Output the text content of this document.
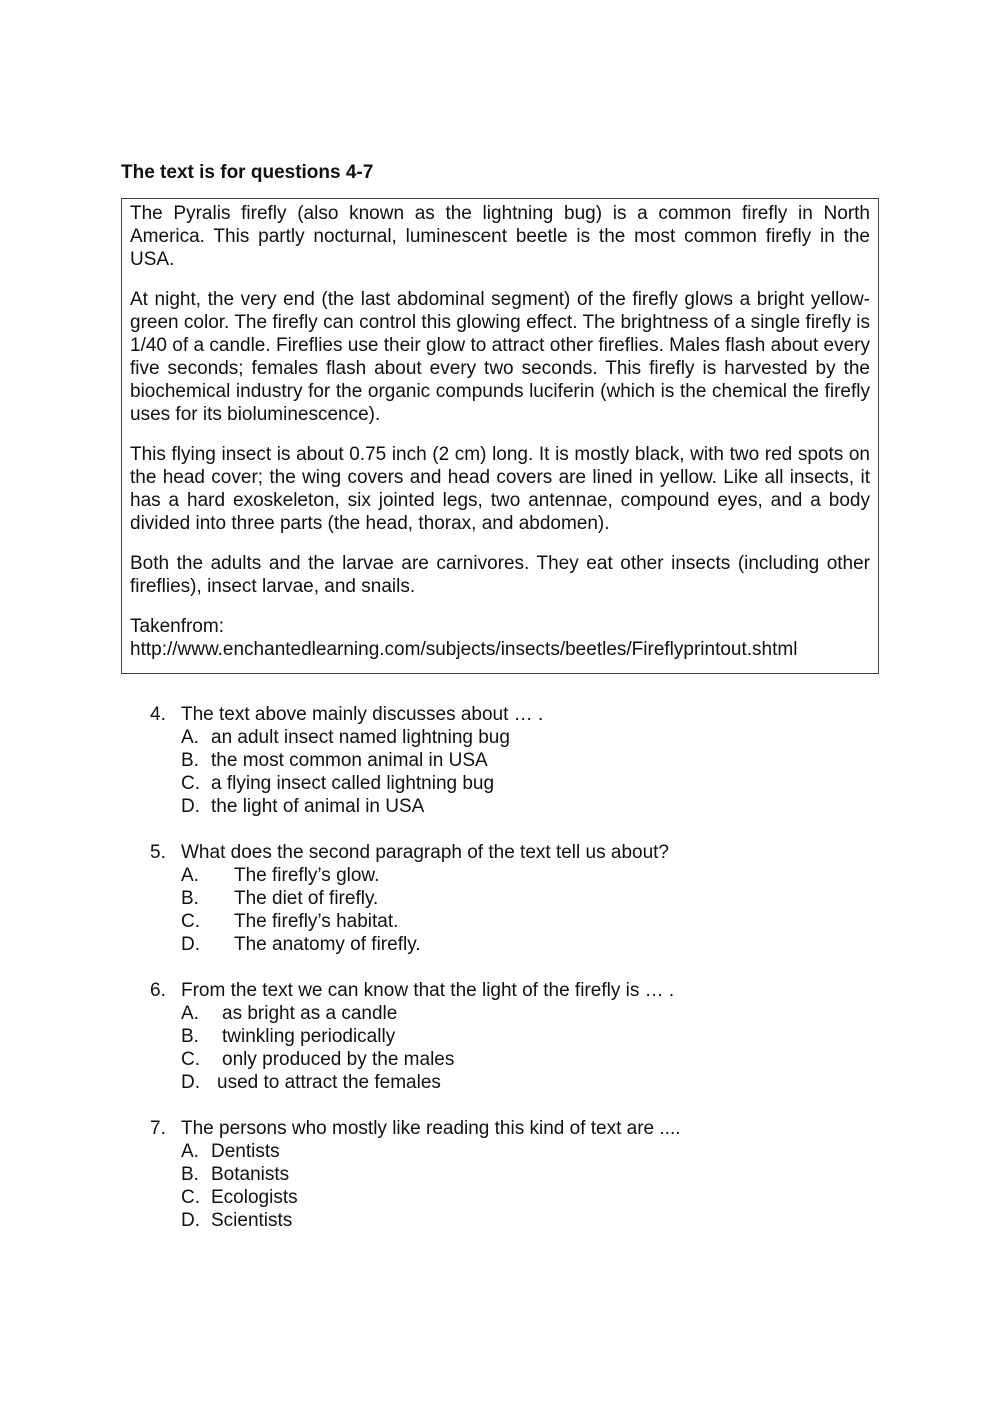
The text is for questions 4-7

The Pyralis firefly (also known as the lightning bug) is a common firefly in North America. This partly nocturnal, luminescent beetle is the most common firefly in the USA.

At night, the very end (the last abdominal segment) of the firefly glows a bright yellow-green color. The firefly can control this glowing effect. The brightness of a single firefly is 1/40 of a candle. Fireflies use their glow to attract other fireflies. Males flash about every five seconds; females flash about every two seconds. This firefly is harvested by the biochemical industry for the organic compunds luciferin (which is the chemical the firefly uses for its bioluminescence).

This flying insect is about 0.75 inch (2 cm) long. It is mostly black, with two red spots on the head cover; the wing covers and head covers are lined in yellow. Like all insects, it has a hard exoskeleton, six jointed legs, two antennae, compound eyes, and a body divided into three parts (the head, thorax, and abdomen).

Both the adults and the larvae are carnivores. They eat other insects (including other fireflies), insect larvae, and snails.

Takenfrom:
http://www.enchantedlearning.com/subjects/insects/beetles/Fireflyprintout.shtml

4. The text above mainly discusses about … .
A. an adult insect named lightning bug
B. the most common animal in USA
C. a flying insect called lightning bug
D. the light of animal in USA
5. What does the second paragraph of the text tell us about?
A.	The firefly’s glow.
B.	The diet of firefly.
C.	The firefly’s habitat.
D.	The anatomy of firefly.
6. From the text we can know that the light of the firefly is … .
A.	as bright as a candle
B.	twinkling periodically
C.	only produced by the males
D. used to attract the females
7. The persons who mostly like reading this kind of text are ....
A. Dentists
B. Botanists
C. Ecologists
D. Scientists
